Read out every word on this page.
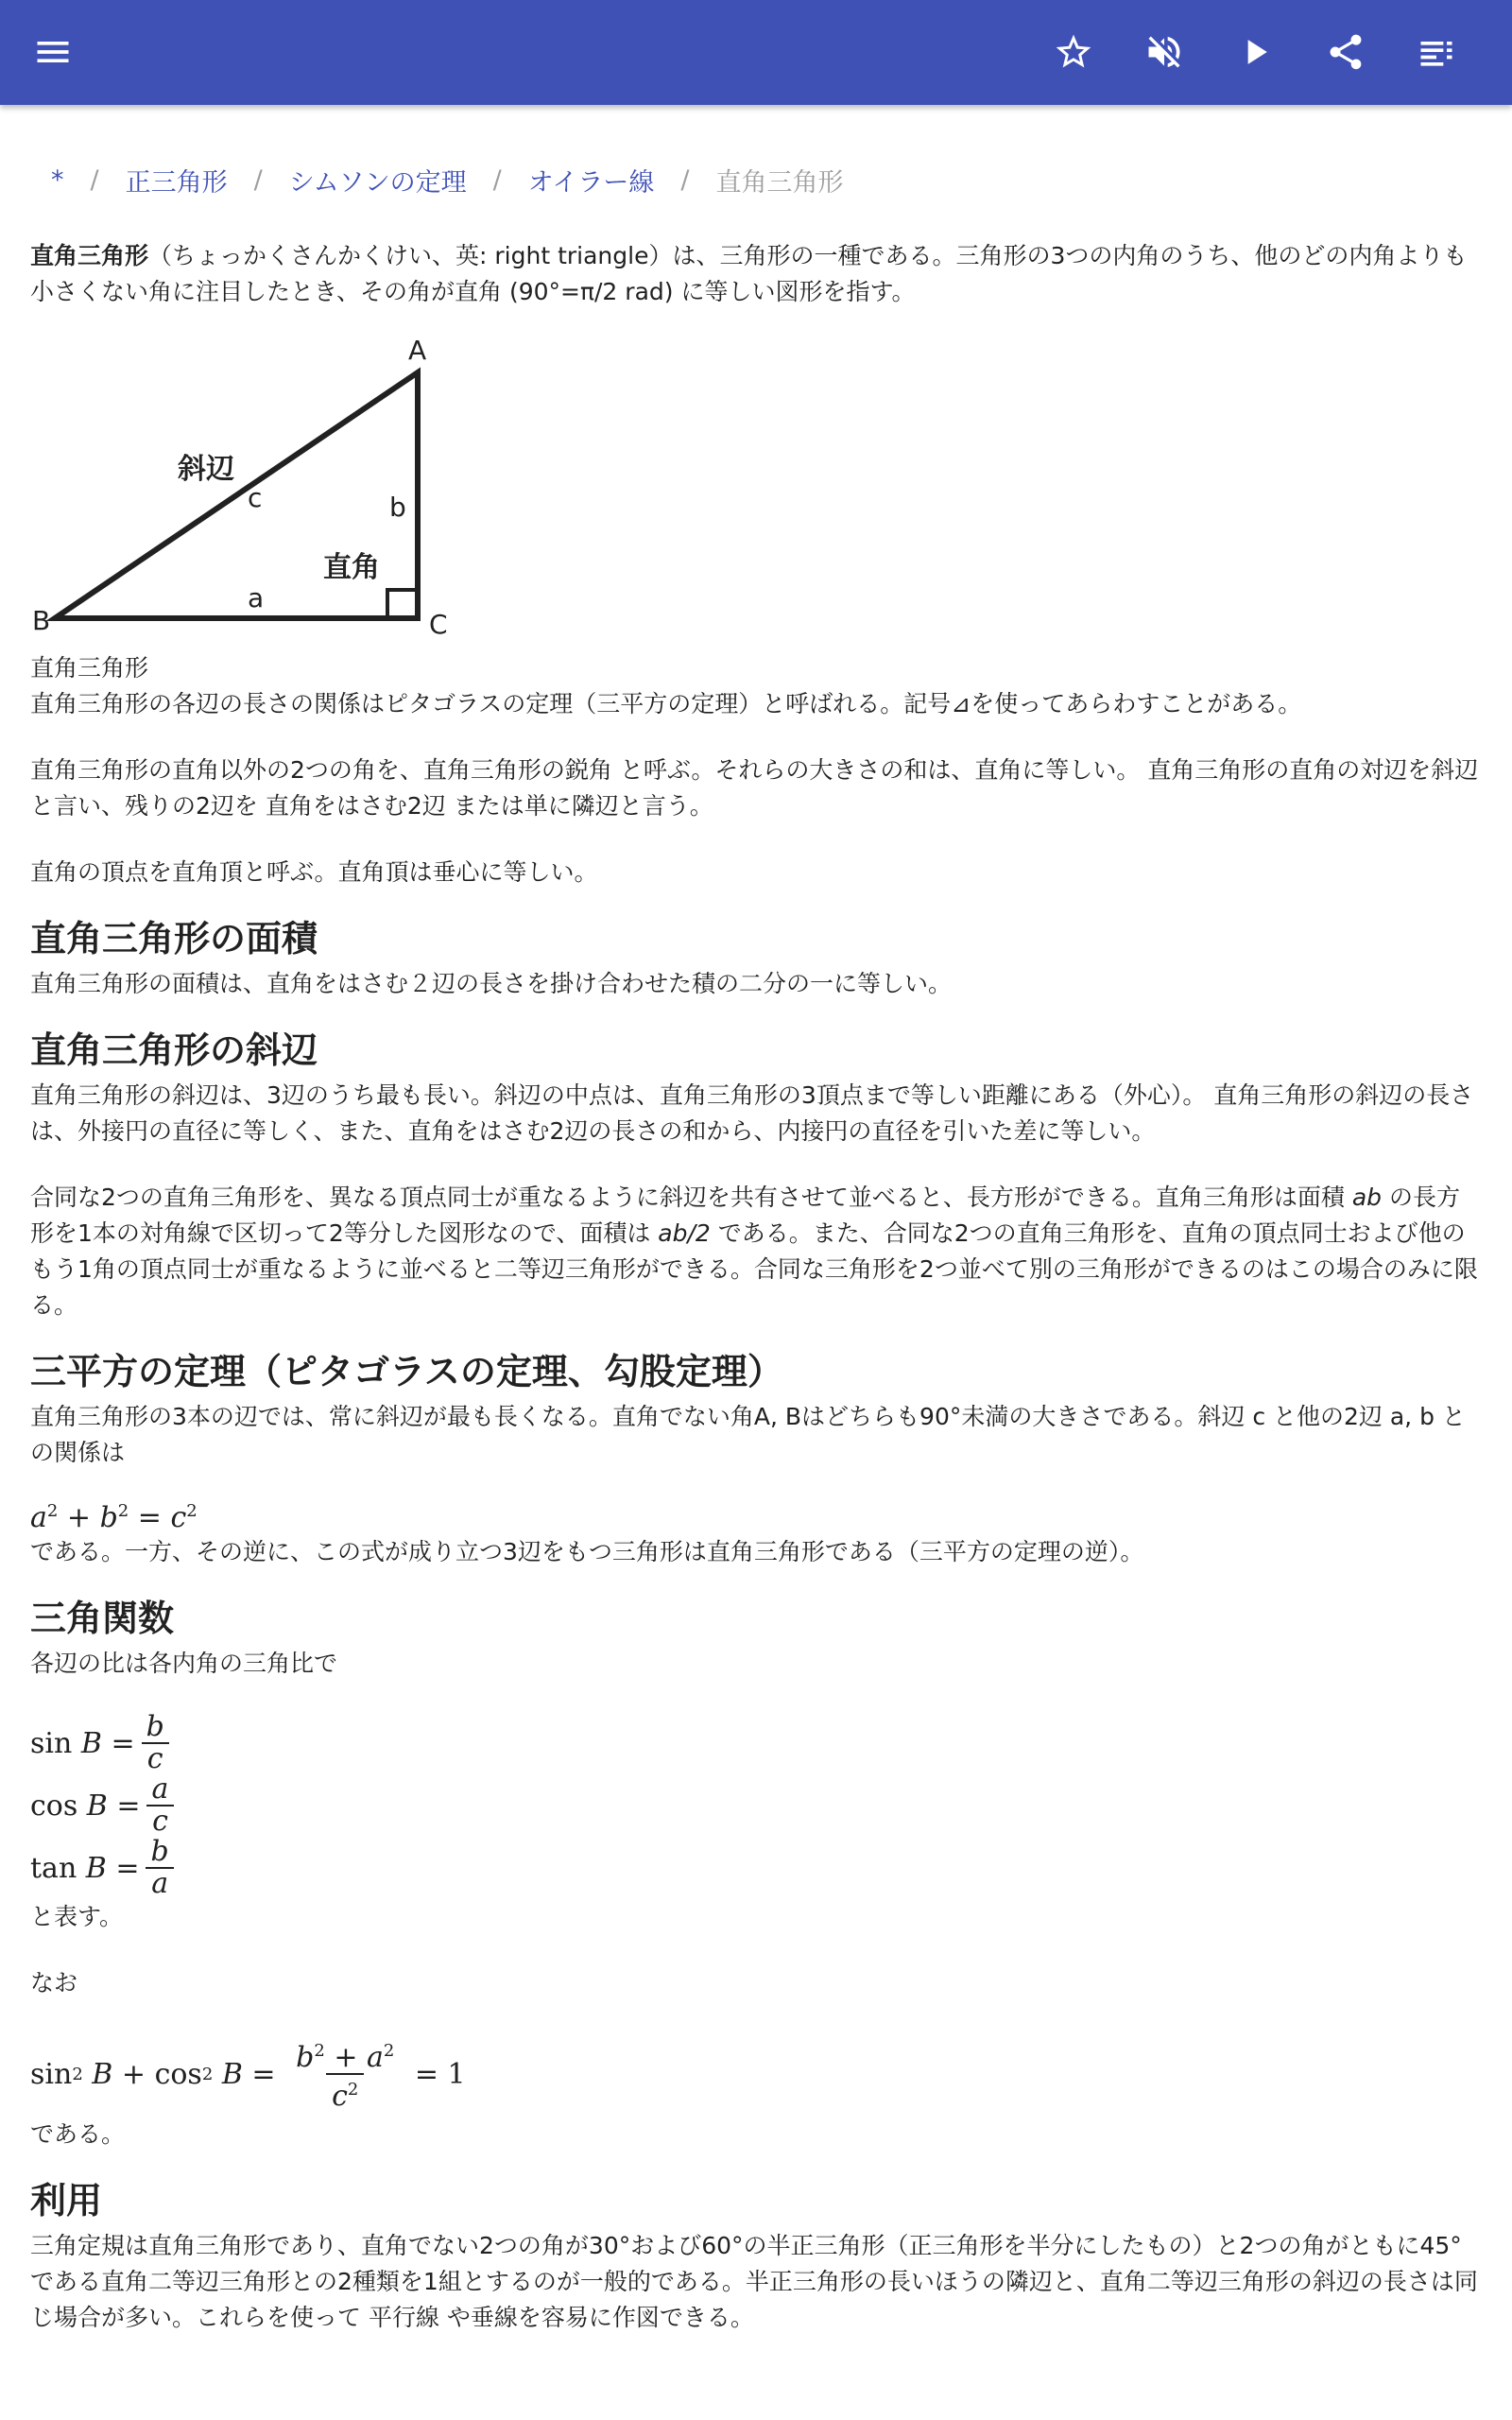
* / 正三角形 / シムソンの定理 / オイラー線 / 直角三角形

直角三角形（ちょっかくさんかくけい、英: right triangle）は、三角形の一種である。三角形の3つの内角のうち、他のどの内角よりも小さくない角に注目したとき、その角が直角 (90°=π/2 rad) に等しい図形を指す。

A
B	C
a
b
c
斜辺
直角

直角三角形

直角三角形の各辺の長さの関係はピタゴラスの定理（三平方の定理）と呼ばれる。記号⊿を使ってあらわすことがある。

直角三角形の直角以外の2つの角を、直角三角形の鋭角 と呼ぶ。それらの大きさの和は、直角に等しい。 直角三角形の直角の対辺を斜辺と言い、残りの2辺を 直角をはさむ2辺 または単に隣辺と言う。

直角の頂点を直角頂と呼ぶ。直角頂は垂心に等しい。

直角三角形の面積

直角三角形の面積は、直角をはさむ２辺の長さを掛け合わせた積の二分の一に等しい。

直角三角形の斜辺

直角三角形の斜辺は、3辺のうち最も長い。斜辺の中点は、直角三角形の3頂点まで等しい距離にある（外心）。 直角三角形の斜辺の長さは、外接円の直径に等しく、また、直角をはさむ2辺の長さの和から、内接円の直径を引いた差に等しい。

合同な2つの直角三角形を、異なる頂点同士が重なるように斜辺を共有させて並べると、長方形ができる。直角三角形は面積 ab の長方形を1本の対角線で区切って2等分した図形なので、面積は ab/2 である。また、合同な2つの直角三角形を、直角の頂点同士および他のもう1角の頂点同士が重なるように並べると二等辺三角形ができる。合同な三角形を2つ並べて別の三角形ができるのはこの場合のみに限る。

三平方の定理（ピタゴラスの定理、勾股定理）

直角三角形の3本の辺では、常に斜辺が最も長くなる。直角でない角A, Bはどちらも90°未満の大きさである。斜辺 c と他の2辺 a, b との関係は

$a^2 + b^2 = c^2$

である。一方、その逆に、この式が成り立つ3辺をもつ三角形は直角三角形である（三平方の定理の逆）。

三角関数

各辺の比は各内角の三角比で

$\sin B = \frac{b}{c}$
$\cos B = \frac{a}{c}$
$\tan B = \frac{b}{a}$

と表す。

なお

sin 2 B + cos 2 $B = \frac{b^2 + a^2}{c^2} = 1$

である。

利用

三角定規は直角三角形であり、直角でない2つの角が30°および60°の半正三角形（正三角形を半分にしたもの）と2つの角がともに45°である直角二等辺三角形との2種類を1組とするのが一般的である。半正三角形の長いほうの隣辺と、直角二等辺三角形の斜辺の長さは同じ場合が多い。これらを使って 平行線 や垂線を容易に作図できる。
